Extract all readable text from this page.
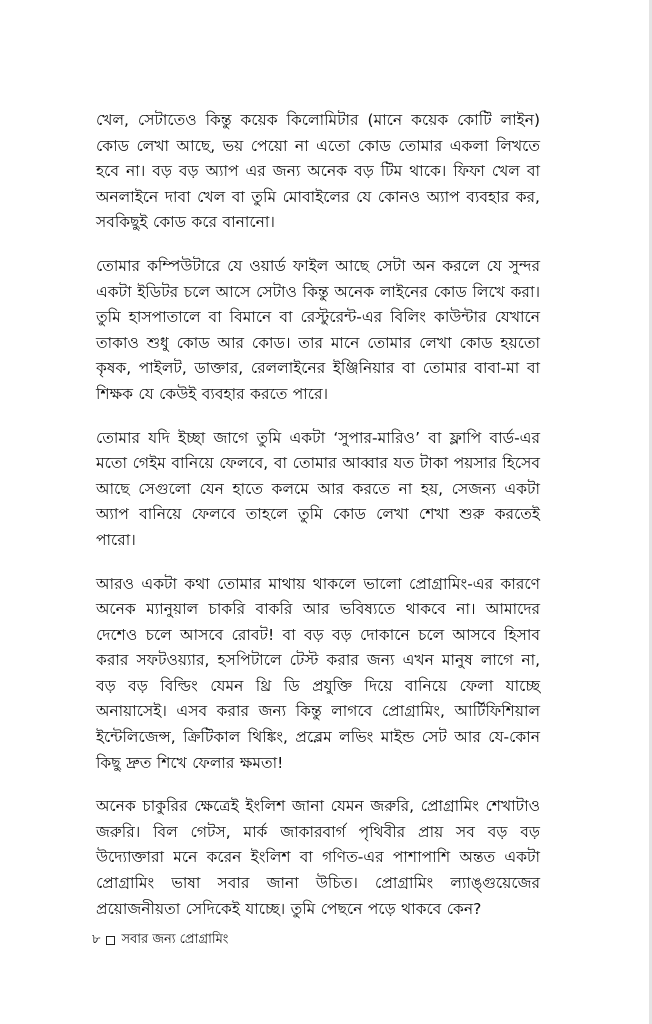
খেল, সেটাতেও কিন্তু কয়েক কিলোমিটার (মানে কয়েক কোটি লাইন) কোড লেখা আছে, ভয় পেয়ো না এতো কোড তোমার একলা লিখতে হবে না। বড় বড় অ্যাপ এর জন্য অনেক বড় টিম থাকে। ফিফা খেল বা অনলাইনে দাবা খেল বা তুমি মোবাইলের যে কোনও অ্যাপ ব্যবহার কর, সবকিছুই কোড করে বানানো।

তোমার কম্পিউটারে যে ওয়ার্ড ফাইল আছে সেটা অন করলে যে সুন্দর একটা ইডিটর চলে আসে সেটাও কিন্তু অনেক লাইনের কোড লিখে করা। তুমি হাসপাতালে বা বিমানে বা রেস্টুরেন্ট-এর বিলিং কাউন্টার যেখানে তাকাও শুধু কোড আর কোড। তার মানে তোমার লেখা কোড হয়তো কৃষক, পাইলট, ডাক্তার, রেললাইনের ইঞ্জিনিয়ার বা তোমার বাবা-মা বা শিক্ষক যে কেউই ব্যবহার করতে পারে।

তোমার যদি ইচ্ছা জাগে তুমি একটা ‘সুপার-মারিও’ বা ফ্লাপি বার্ড-এর মতো গেইম বানিয়ে ফেলবে, বা তোমার আব্বার যত টাকা পয়সার হিসেব আছে সেগুলো যেন হাতে কলমে আর করতে না হয়, সেজন্য একটা অ্যাপ বানিয়ে ফেলবে তাহলে তুমি কোড লেখা শেখা শুরু করতেই পারো।

আরও একটা কথা তোমার মাথায় থাকলে ভালো প্রোগ্রামিং-এর কারণে অনেক ম্যানুয়াল চাকরি বাকরি আর ভবিষ্যতে থাকবে না। আমাদের দেশেও চলে আসবে রোবট! বা বড় বড় দোকানে চলে আসবে হিসাব করার সফটওয়্যার, হসপিটালে টেস্ট করার জন্য এখন মানুষ লাগে না, বড় বড় বিল্ডিং যেমন থ্রি ডি প্রযুক্তি দিয়ে বানিয়ে ফেলা যাচ্ছে অনায়াসেই। এসব করার জন্য কিন্তু লাগবে প্রোগ্রামিং, আর্টিফিশিয়াল ইন্টেলিজেন্স, ক্রিটিকাল থিঙ্কিং, প্রব্লেম লভিং মাইন্ড সেট আর যে-কোন কিছু দ্রুত শিখে ফেলার ক্ষমতা!

অনেক চাকুরির ক্ষেত্রেই ইংলিশ জানা যেমন জরুরি, প্রোগ্রামিং শেখাটাও জরুরি। বিল গেটস, মার্ক জাকারবার্গ পৃথিবীর প্রায় সব বড় বড় উদ্যোক্তারা মনে করেন ইংলিশ বা গণিত-এর পাশাপাশি অন্তত একটা প্রোগ্রামিং ভাষা সবার জানা উচিত। প্রোগ্রামিং ল্যাঙ্গুয়েজের প্রয়োজনীয়তা সেদিকেই যাচ্ছে। তুমি পেছনে পড়ে থাকবে কেন?

৮ সবার জন্য প্রোগ্রামিং
